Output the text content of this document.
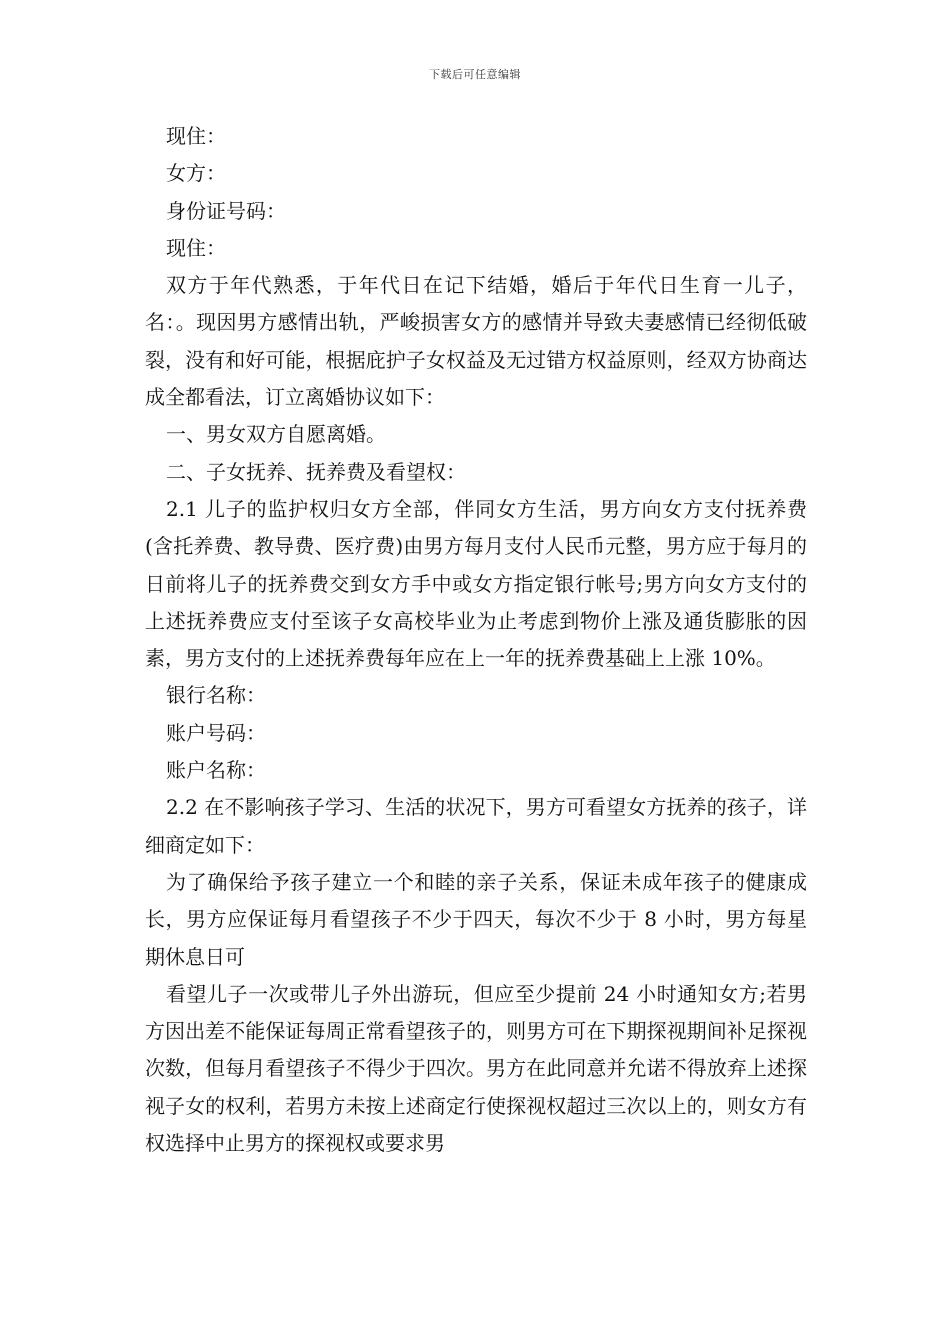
下载后可任意编辑

现住：

女方：

身份证号码：

现住：

双方于年代熟悉，于年代日在记下结婚，婚后于年代日生育一儿子，名：。现因男方感情出轨，严峻损害女方的感情并导致夫妻感情已经彻低破裂，没有和好可能，根据庇护子女权益及无过错方权益原则，经双方协商达成全都看法，订立离婚协议如下：

一、男女双方自愿离婚。

二、子女抚养、抚养费及看望权：

2.1 儿子的监护权归女方全部，伴同女方生活，男方向女方支付抚养费(含托养费、教导费、医疗费)由男方每月支付人民币元整，男方应于每月的日前将儿子的抚养费交到女方手中或女方指定银行帐号;男方向女方支付的上述抚养费应支付至该子女高校毕业为止考虑到物价上涨及通货膨胀的因素，男方支付的上述抚养费每年应在上一年的抚养费基础上上涨 10%。

银行名称：

账户号码：

账户名称：

2.2 在不影响孩子学习、生活的状况下，男方可看望女方抚养的孩子，详细商定如下：

为了确保给予孩子建立一个和睦的亲子关系，保证未成年孩子的健康成长，男方应保证每月看望孩子不少于四天，每次不少于 8 小时，男方每星期休息日可

看望儿子一次或带儿子外出游玩，但应至少提前 24 小时通知女方;若男方因出差不能保证每周正常看望孩子的，则男方可在下期探视期间补足探视次数，但每月看望孩子不得少于四次。男方在此同意并允诺不得放弃上述探视子女的权利，若男方未按上述商定行使探视权超过三次以上的，则女方有权选择中止男方的探视权或要求男
